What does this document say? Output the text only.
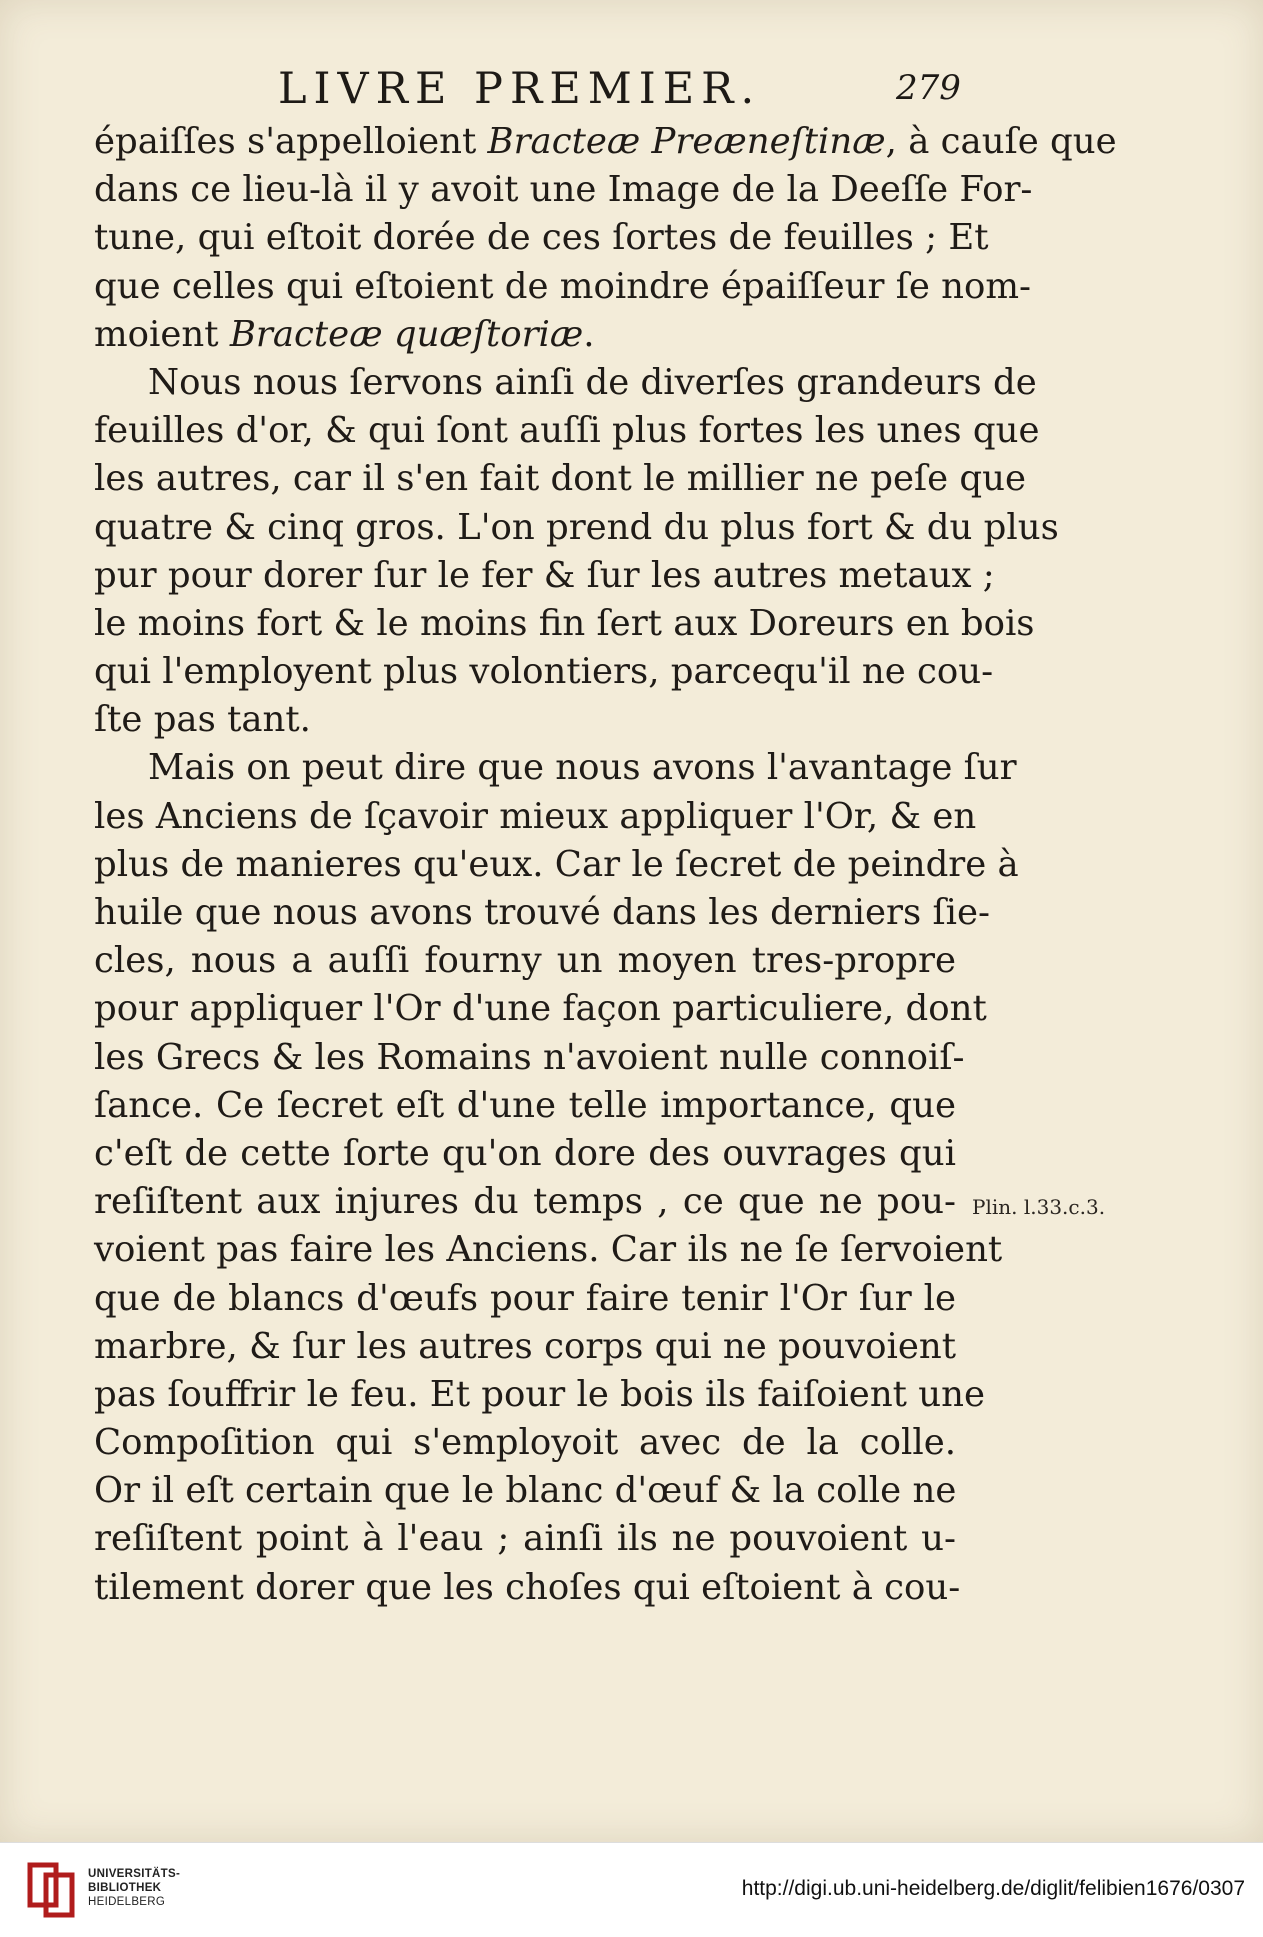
LIVRE PREMIER.	279
épaiſſes s'appelloient Bracteæ Preæneſtinæ, à cauſe que
dans ce lieu-là il y avoit une Image de la Deeſſe For-
tune, qui eſtoit dorée de ces ſortes de feuilles ; Et
que celles qui eſtoient de moindre épaiſſeur ſe nom-
moient Bracteæ quæſtoriæ.
Nous nous ſervons ainſi de diverſes grandeurs de
feuilles d'or, & qui ſont auſſi plus fortes les unes que
les autres, car il s'en fait dont le millier ne peſe que
quatre & cinq gros. L'on prend du plus fort & du plus
pur pour dorer ſur le fer & ſur les autres metaux ;
le moins fort & le moins fin ſert aux Doreurs en bois
qui l'employent plus volontiers, parcequ'il ne cou-
ſte pas tant.
Mais on peut dire que nous avons l'avantage ſur
les Anciens de ſçavoir mieux appliquer l'Or, & en
plus de manieres qu'eux. Car le ſecret de peindre à
huile que nous avons trouvé dans les derniers ſie-
cles, nous a auſſi fourny un moyen tres-propre
pour appliquer l'Or d'une façon particuliere, dont
les Grecs & les Romains n'avoient nulle connoiſ-
ſance. Ce ſecret eſt d'une telle importance, que
c'eſt de cette ſorte qu'on dore des ouvrages qui
reſiſtent aux injures du temps , ce que ne pou-
voient pas faire les Anciens. Car ils ne ſe ſervoient
que de blancs d'œufs pour faire tenir l'Or ſur le
marbre, & ſur les autres corps qui ne pouvoient
pas ſouffrir le feu. Et pour le bois ils faiſoient une
Compoſition qui s'employoit avec de la colle.
Or il eſt certain que le blanc d'œuf & la colle ne
reſiſtent point à l'eau ; ainſi ils ne pouvoient u-
tilement dorer que les choſes qui eſtoient à cou-
Plin. l.33.c.3.
UNIVERSITÄTS-
BIBLIOTHEK
HEIDELBERG
http://digi.ub.uni-heidelberg.de/diglit/felibien1676/0307
